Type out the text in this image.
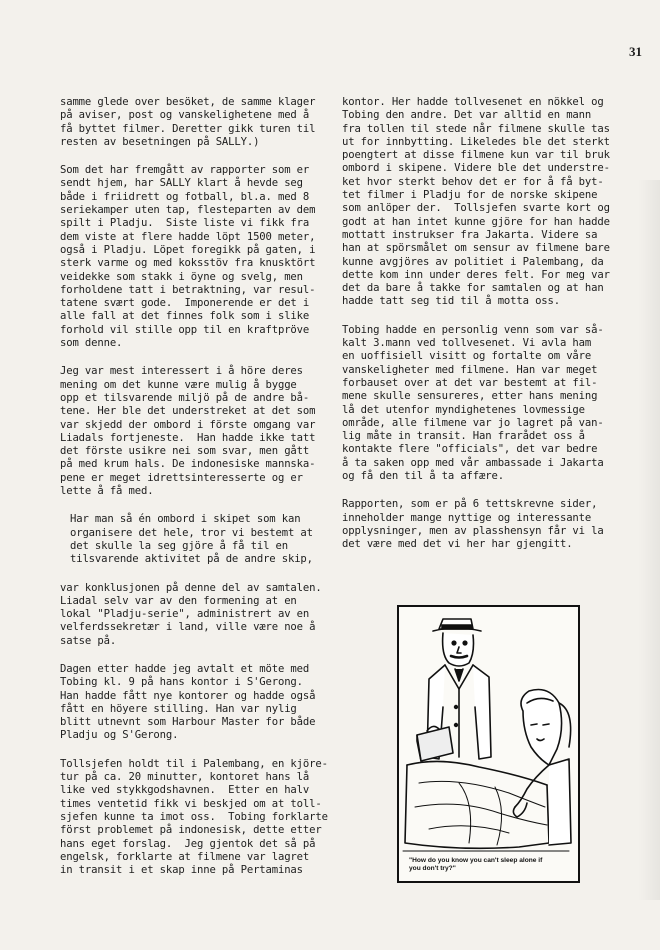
31

samme glede over besöket, de samme klager
på aviser, post og vanskelighetene med å
få byttet filmer. Deretter gikk turen til
resten av besetningen på SALLY.)

Som det har fremgått av rapporter som er
sendt hjem, har SALLY klart å hevde seg
både i friidrett og fotball, bl.a. med 8
seriekamper uten tap, flesteparten av dem
spilt i Pladju.  Siste liste vi fikk fra
dem viste at flere hadde löpt 1500 meter,
også i Pladju. Löpet foregikk på gaten, i
sterk varme og med koksstöv fra knusktört
veidekke som stakk i öyne og svelg, men
forholdene tatt i betraktning, var resul-
tatene svært gode.  Imponerende er det i
alle fall at det finnes folk som i slike
forhold vil stille opp til en kraftpröve
som denne.

Jeg var mest interessert i å höre deres
mening om det kunne være mulig å bygge
opp et tilsvarende miljö på de andre bå-
tene. Her ble det understreket at det som
var skjedd der ombord i förste omgang var
Liadals fortjeneste.  Han hadde ikke tatt
det förste usikre nei som svar, men gått
på med krum hals. De indonesiske mannska-
pene er meget idrettsinteresserte og er
lette å få med.

Har man så én ombord i skipet som kan
organisere det hele, tror vi bestemt at
det skulle la seg gjöre å få til en
tilsvarende aktivitet på de andre skip,

var konklusjonen på denne del av samtalen.
Liadal selv var av den formening at en
lokal "Pladju-serie", administrert av en
velferdssekretær i land, ville være noe å
satse på.

Dagen etter hadde jeg avtalt et möte med
Tobing kl. 9 på hans kontor i S'Gerong.
Han hadde fått nye kontorer og hadde også
fått en höyere stilling. Han var nylig
blitt utnevnt som Harbour Master for både
Pladju og S'Gerong.

Tollsjefen holdt til i Palembang, en kjöre-
tur på ca. 20 minutter, kontoret hans lå
like ved stykkgodshavnen.  Etter en halv
times ventetid fikk vi beskjed om at toll-
sjefen kunne ta imot oss.  Tobing forklarte
först problemet på indonesisk, dette etter
hans eget forslag.  Jeg gjentok det så på
engelsk, forklarte at filmene var lagret
in transit i et skap inne på Pertaminas

kontor. Her hadde tollvesenet en nökkel og
Tobing den andre. Det var alltid en mann
fra tollen til stede når filmene skulle tas
ut for innbytting. Likeledes ble det sterkt
poengtert at disse filmene kun var til bruk
ombord i skipene. Videre ble det understre-
ket hvor sterkt behov det er for å få byt-
tet filmer i Pladju for de norske skipene
som anlöper der.  Tollsjefen svarte kort og
godt at han intet kunne gjöre for han hadde
mottatt instrukser fra Jakarta. Videre sa
han at spörsmålet om sensur av filmene bare
kunne avgjöres av politiet i Palembang, da
dette kom inn under deres felt. For meg var
det da bare å takke for samtalen og at han
hadde tatt seg tid til å motta oss.

Tobing hadde en personlig venn som var så-
kalt 3.mann ved tollvesenet. Vi avla ham
en uoffisiell visitt og fortalte om våre
vanskeligheter med filmene. Han var meget
forbauset over at det var bestemt at fil-
mene skulle sensureres, etter hans mening
lå det utenfor myndighetenes lovmessige
område, alle filmene var jo lagret på van-
lig måte in transit. Han frarådet oss å
kontakte flere "officials", det var bedre
å ta saken opp med vår ambassade i Jakarta
og få den til å ta affære.

Rapporten, som er på 6 tettskrevne sider,
inneholder mange nyttige og interessante
opplysninger, men av plasshensyn får vi la
det være med det vi her har gjengitt.

"How do you know you can't sleep alone if
you don't try?"
